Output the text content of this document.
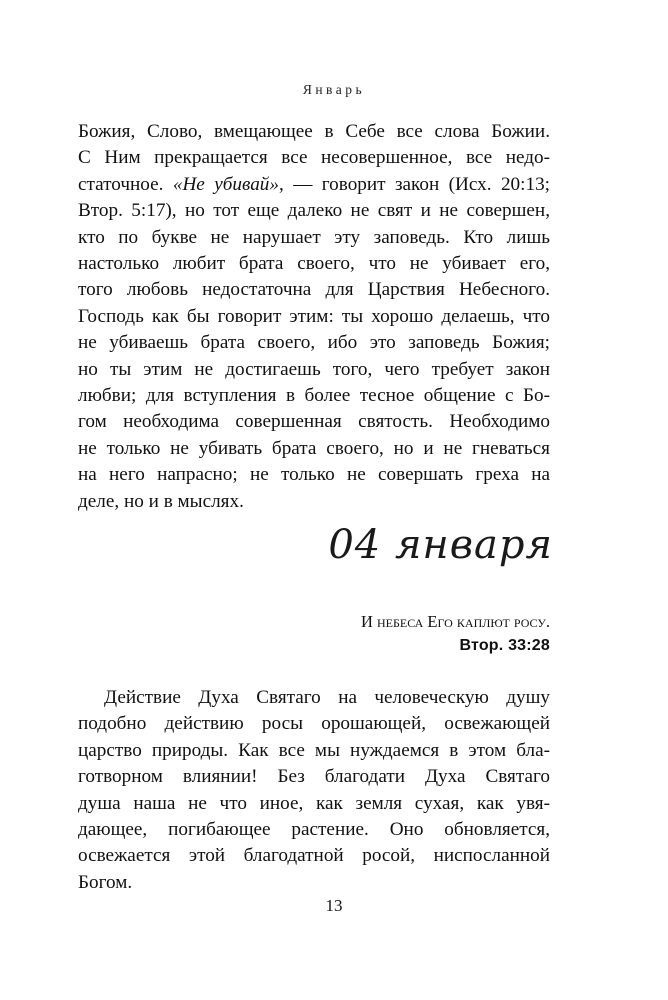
Январь

Божия, Слово, вмещающее в Себе все слова Божии.
С Ним прекращается все несовершенное, все недо-
статочное. «Не убивай», — говорит закон (Исх. 20:13;
Втор. 5:17), но тот еще далеко не свят и не совершен,
кто по букве не нарушает эту заповедь. Кто лишь
настолько любит брата своего, что не убивает его,
того любовь недостаточна для Царствия Небесного.
Господь как бы говорит этим: ты хорошо делаешь, что
не убиваешь брата своего, ибо это заповедь Божия;
но ты этим не достигаешь того, чего требует закон
любви; для вступления в более тесное общение с Бо-
гом необходима совершенная святость. Необходимо
не только не убивать брата своего, но и не гневаться
на него напрасно; не только не совершать греха на
деле, но и в мыслях.

04 января
И небеса Его каплют росу.
Втор. 33:28

Действие Духа Святаго на человеческую душу
подобно действию росы орошающей, освежающей
царство природы. Как все мы нуждаемся в этом бла-
готворном влиянии! Без благодати Духа Святаго
душа наша не что иное, как земля сухая, как увя-
дающее, погибающее растение. Оно обновляется,
освежается этой благодатной росой, ниспосланной
Богом.

13
